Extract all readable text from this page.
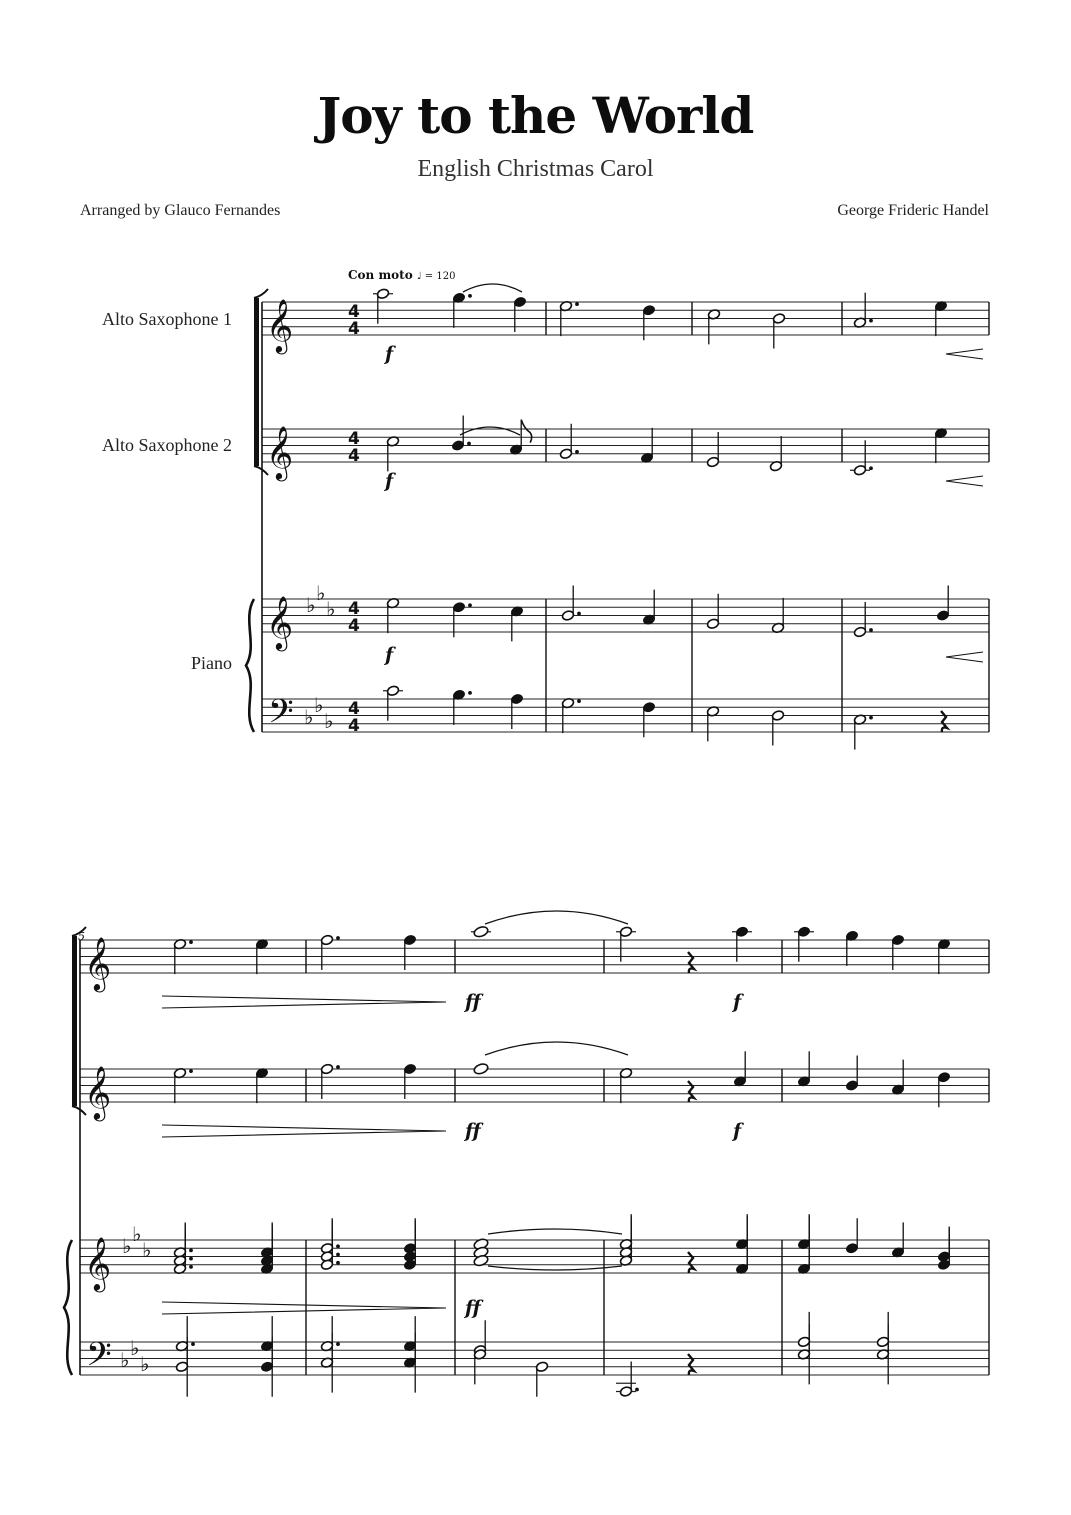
Joy to the World
English Christmas Carol
Arranged by Glauco Fernandes	George Frideric Handel
Con moto ♩ = 120
Alto Saxophone 1
Alto Saxophone 2
Piano
𝄞
𝄞
𝄞
𝄢
4
4
4
4
♭ ♭
♭
♭ ♭
♭
4
4
4
4
f
f
f
5 𝄞
𝄞
𝄞
𝄢
♭ ♭
♭
♭ ♭
♭
ff	f
ff	f
ff
